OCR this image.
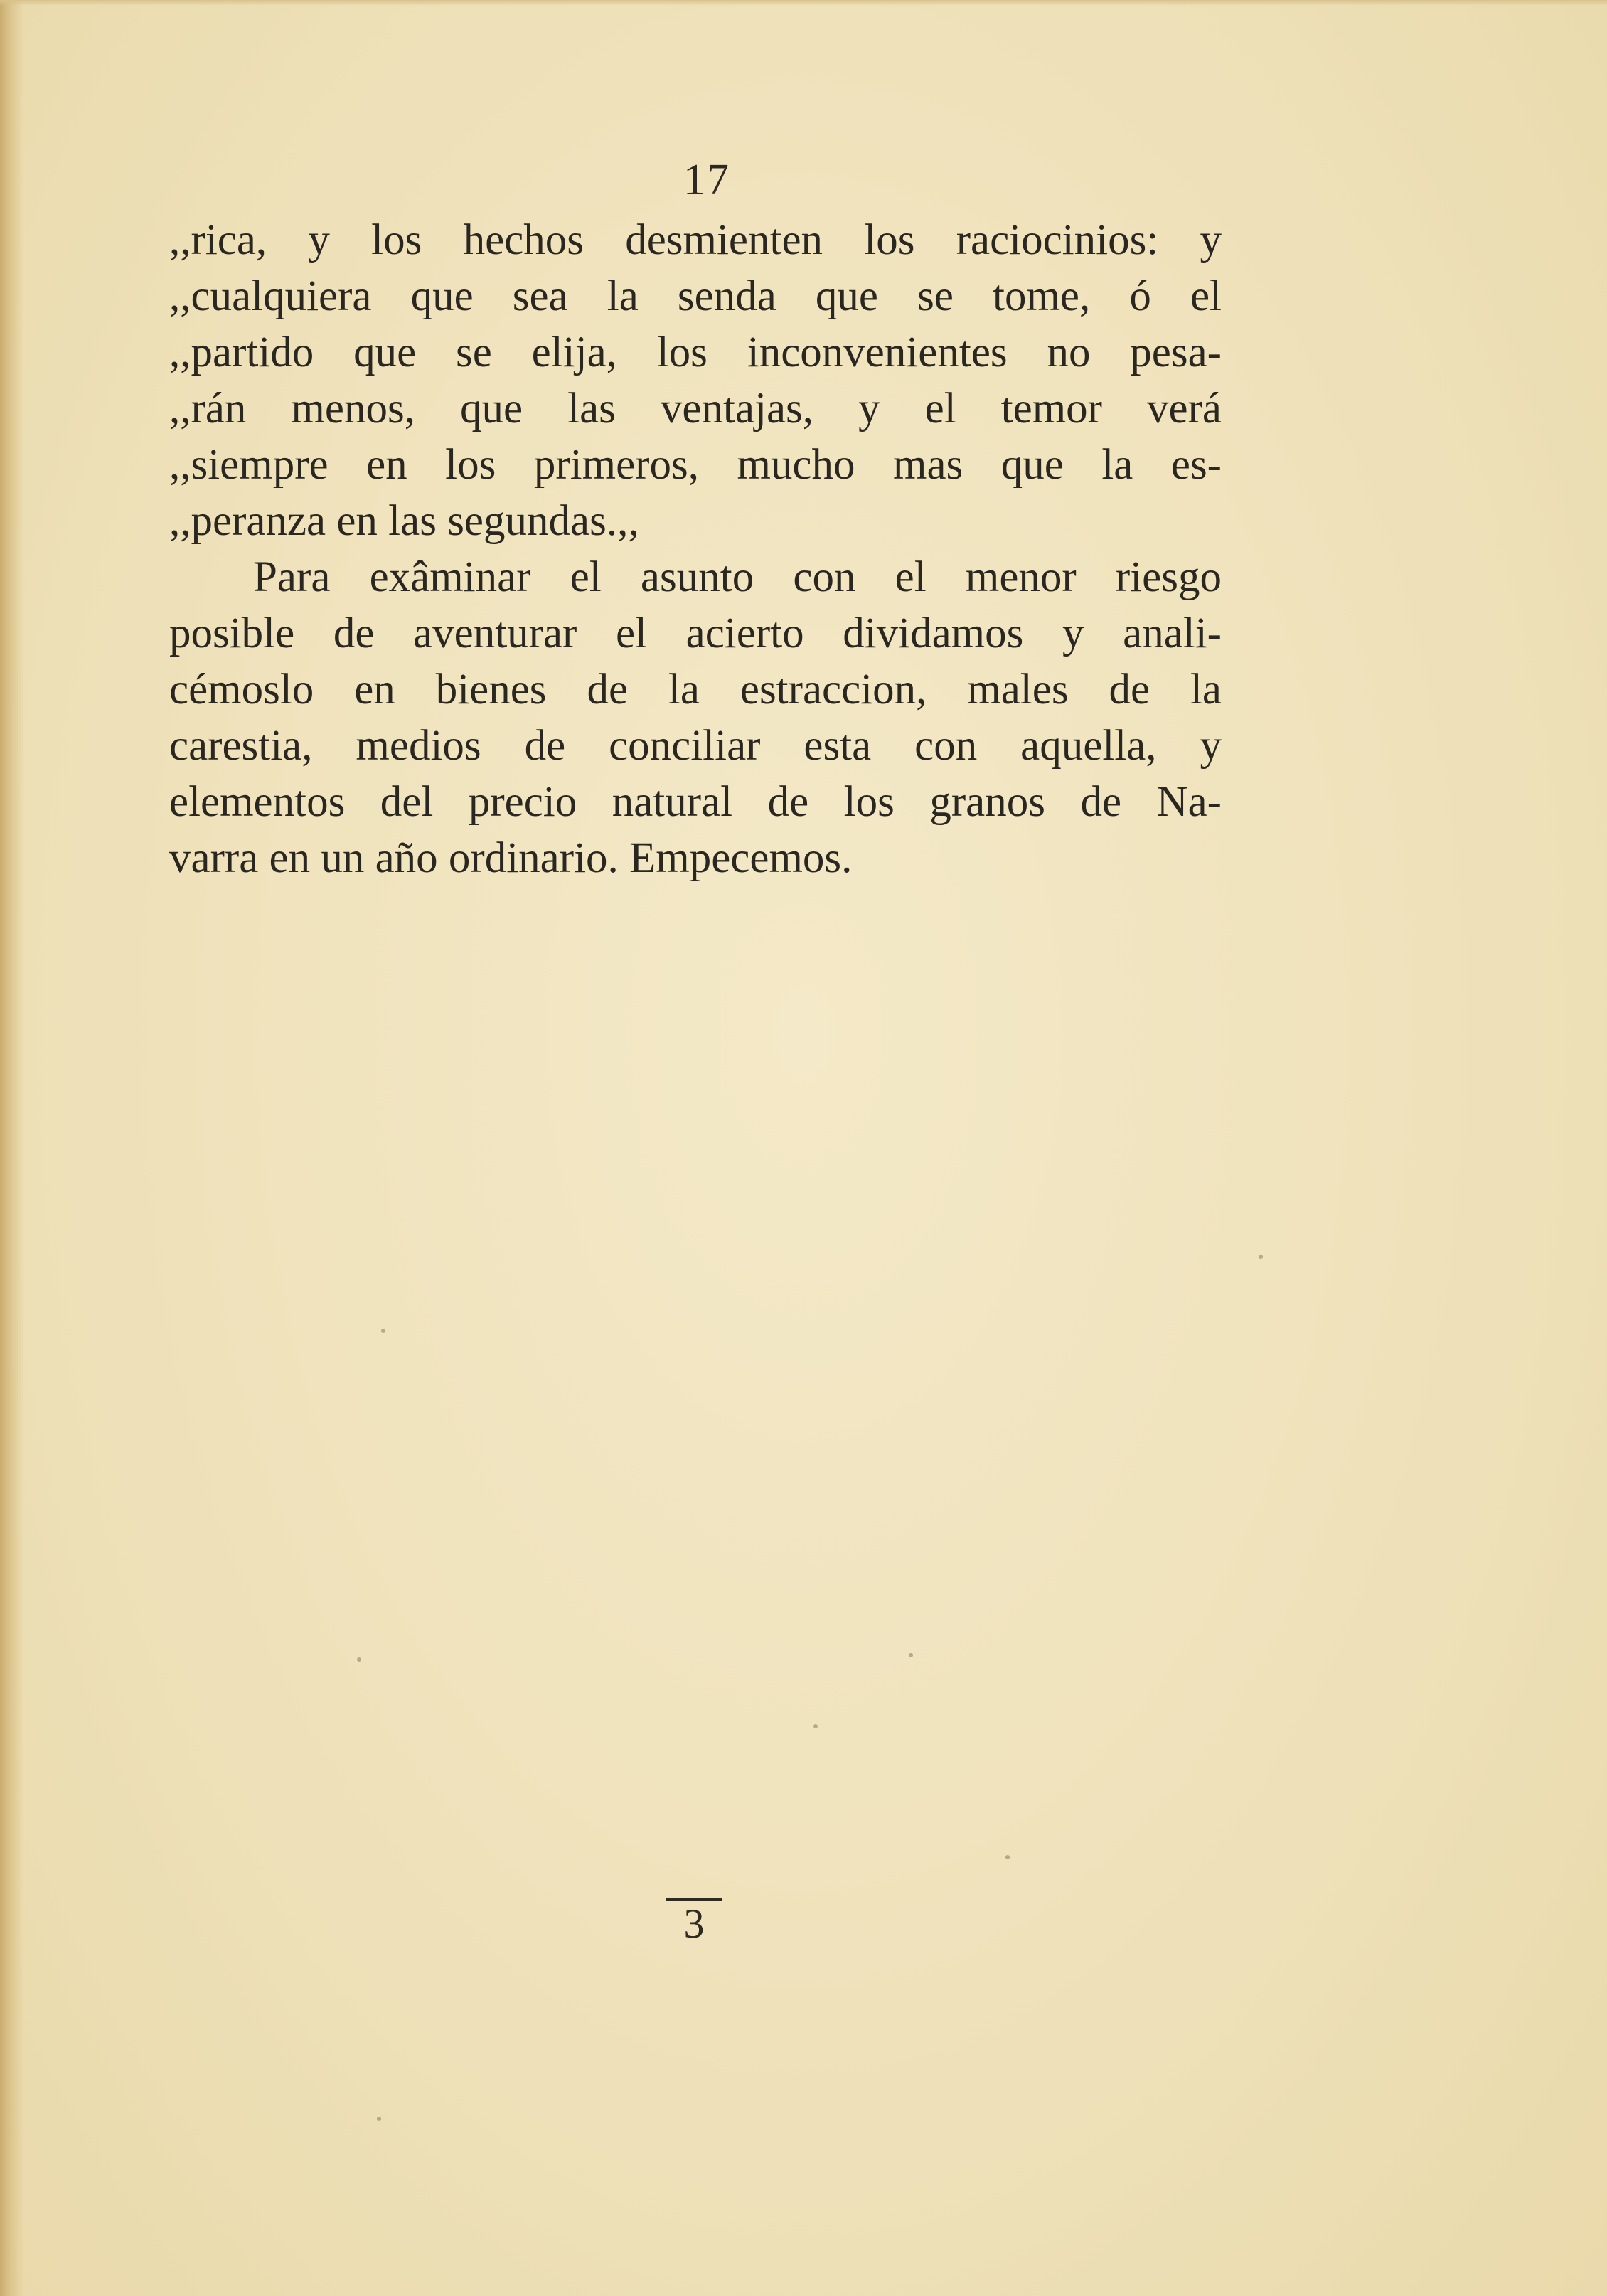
17
,,rica, y los hechos desmienten los raciocinios: y
,,cualquiera que sea la senda que se tome, ó el
,,partido que se elija, los inconvenientes no pesa-
,,rán menos, que las ventajas, y el temor verá
,,siempre en los primeros, mucho mas que la es-
,,peranza en las segundas.,,
Para exâminar el asunto con el menor riesgo
posible de aventurar el acierto dividamos y anali-
cémoslo en bienes de la estraccion, males de la
carestia, medios de conciliar esta con aquella, y
elementos del precio natural de los granos de Na-
varra en un año ordinario. Empecemos.
3
